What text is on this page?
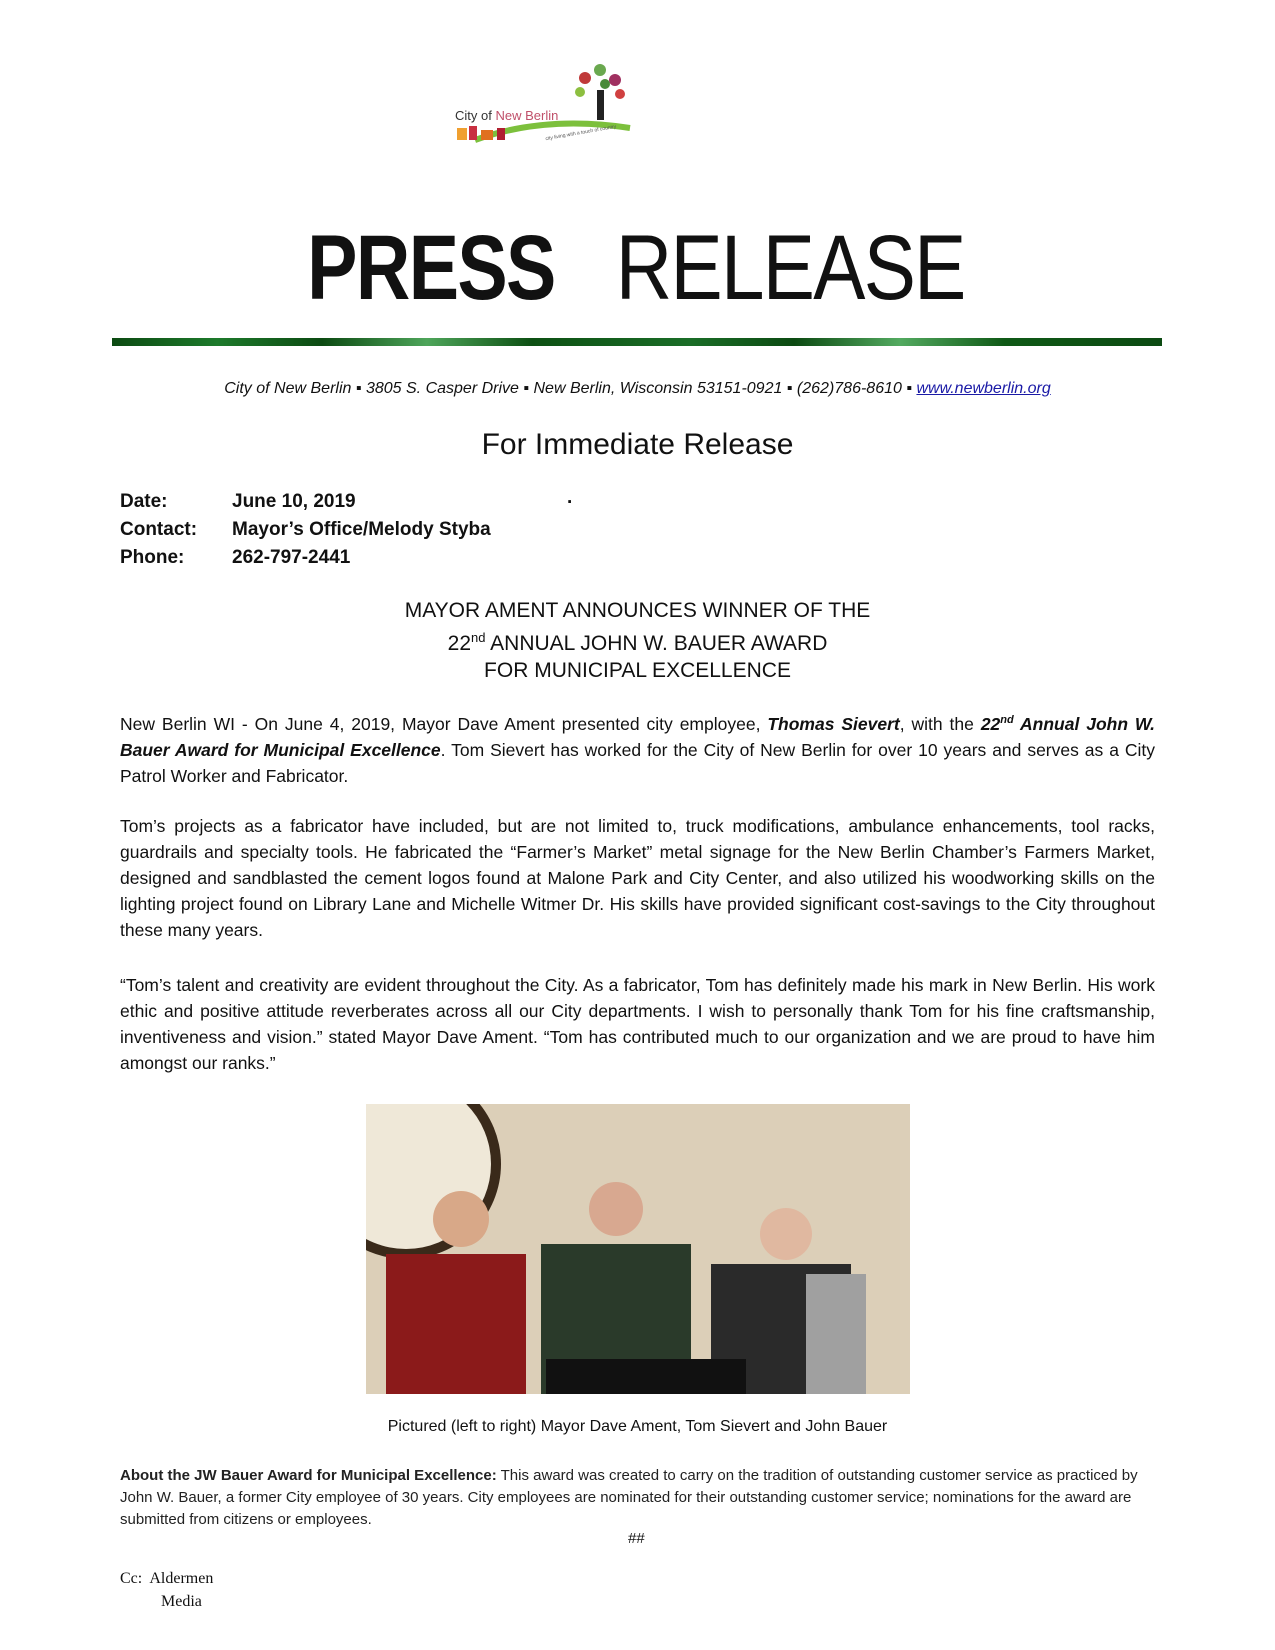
City of New Berlin
city living with a touch of country
PRESS RELEASE
City of New Berlin ▪ 3805 S. Casper Drive ▪ New Berlin, Wisconsin 53151-0921 ▪ (262)786-8610 ▪ www.newberlin.org
For Immediate Release
Date:	June 10, 2019
Contact:	Mayor’s Office/Melody Styba
Phone:	262-797-2441
.
MAYOR AMENT ANNOUNCES WINNER OF THE
22nd ANNUAL JOHN W. BAUER AWARD
FOR MUNICIPAL EXCELLENCE
New Berlin WI - On June 4, 2019, Mayor Dave Ament presented city employee, Thomas Sievert, with the 22nd Annual John W. Bauer Award for Municipal Excellence. Tom Sievert has worked for the City of New Berlin for over 10 years and serves as a City Patrol Worker and Fabricator.
Tom’s projects as a fabricator have included, but are not limited to, truck modifications, ambulance enhancements, tool racks, guardrails and specialty tools. He fabricated the “Farmer’s Market” metal signage for the New Berlin Chamber’s Farmers Market, designed and sandblasted the cement logos found at Malone Park and City Center, and also utilized his woodworking skills on the lighting project found on Library Lane and Michelle Witmer Dr. His skills have provided significant cost-savings to the City throughout these many years.
“Tom’s talent and creativity are evident throughout the City. As a fabricator, Tom has definitely made his mark in New Berlin. His work ethic and positive attitude reverberates across all our City departments. I wish to personally thank Tom for his fine craftsmanship, inventiveness and vision.” stated Mayor Dave Ament. “Tom has contributed much to our organization and we are proud to have him amongst our ranks.”
Pictured (left to right) Mayor Dave Ament, Tom Sievert and John Bauer
About the JW Bauer Award for Municipal Excellence: This award was created to carry on the tradition of outstanding customer service as practiced by John W. Bauer, a former City employee of 30 years. City employees are nominated for their outstanding customer service; nominations for the award are submitted from citizens or employees.
##
Cc: Aldermen
Media
